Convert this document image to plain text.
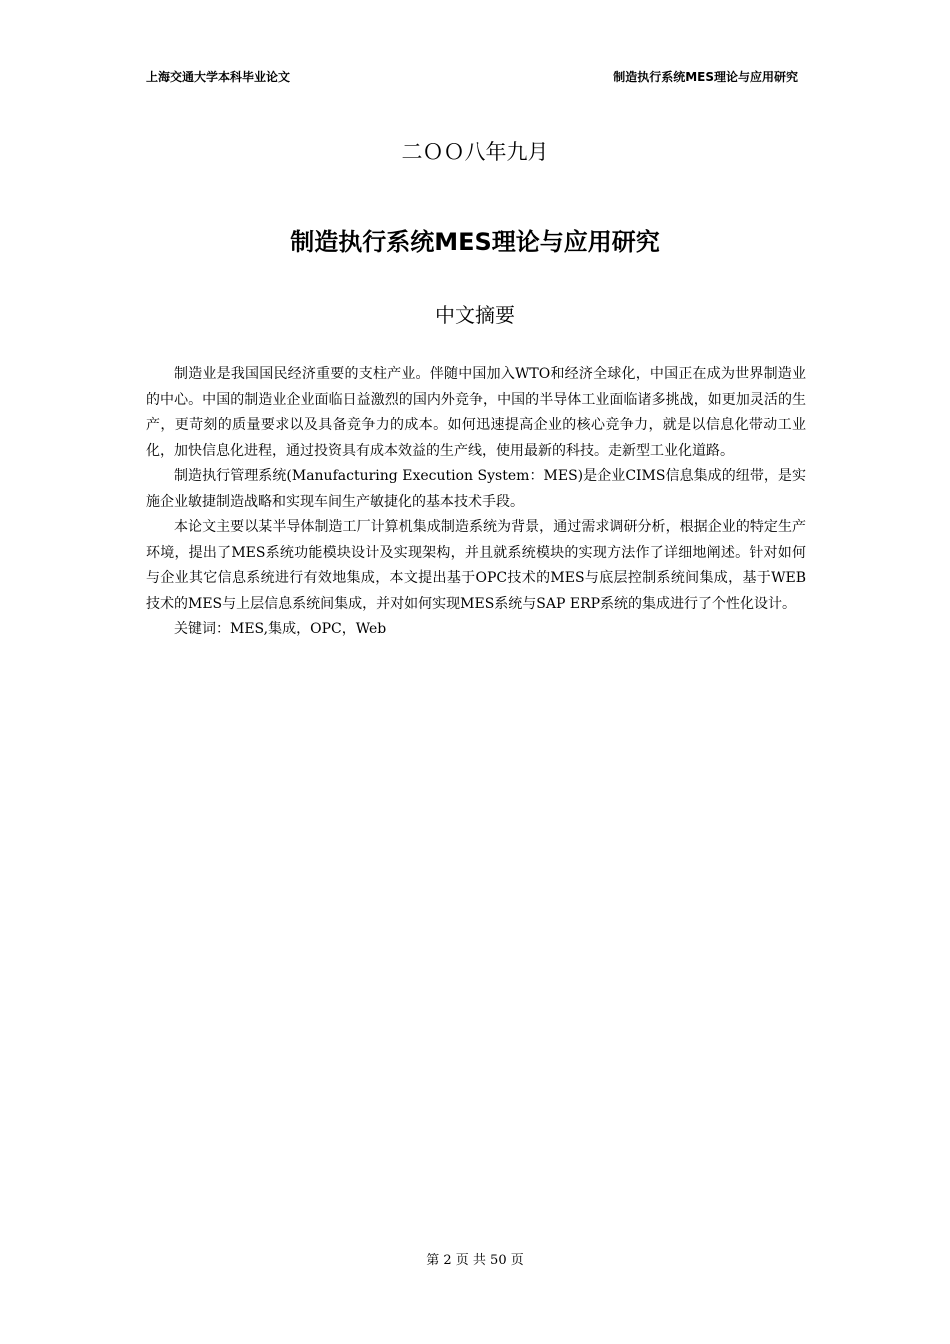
上海交通大学本科毕业论文	制造执行系统MES理论与应用研究
二ＯＯ八年九月
制造执行系统MES理论与应用研究
中文摘要

制造业是我国国民经济重要的支柱产业。伴随中国加入WTO和经济全球化，中国正在成为世界制造业的中心。中国的制造业企业面临日益激烈的国内外竞争，中国的半导体工业面临诸多挑战，如更加灵活的生产，更苛刻的质量要求以及具备竞争力的成本。如何迅速提高企业的核心竞争力，就是以信息化带动工业化，加快信息化进程，通过投资具有成本效益的生产线，使用最新的科技。走新型工业化道路。

制造执行管理系统(Manufacturing Execution System：MES)是企业CIMS信息集成的纽带，是实施企业敏捷制造战略和实现车间生产敏捷化的基本技术手段。

本论文主要以某半导体制造工厂计算机集成制造系统为背景，通过需求调研分析，根据企业的特定生产环境，提出了MES系统功能模块设计及实现架构，并且就系统模块的实现方法作了详细地阐述。针对如何与企业其它信息系统进行有效地集成，本文提出基于OPC技术的MES与底层控制系统间集成，基于WEB技术的MES与上层信息系统间集成，并对如何实现MES系统与SAP ERP系统的集成进行了个性化设计。

关键词：MES,集成，OPC，Web

第 2 页 共 50 页
